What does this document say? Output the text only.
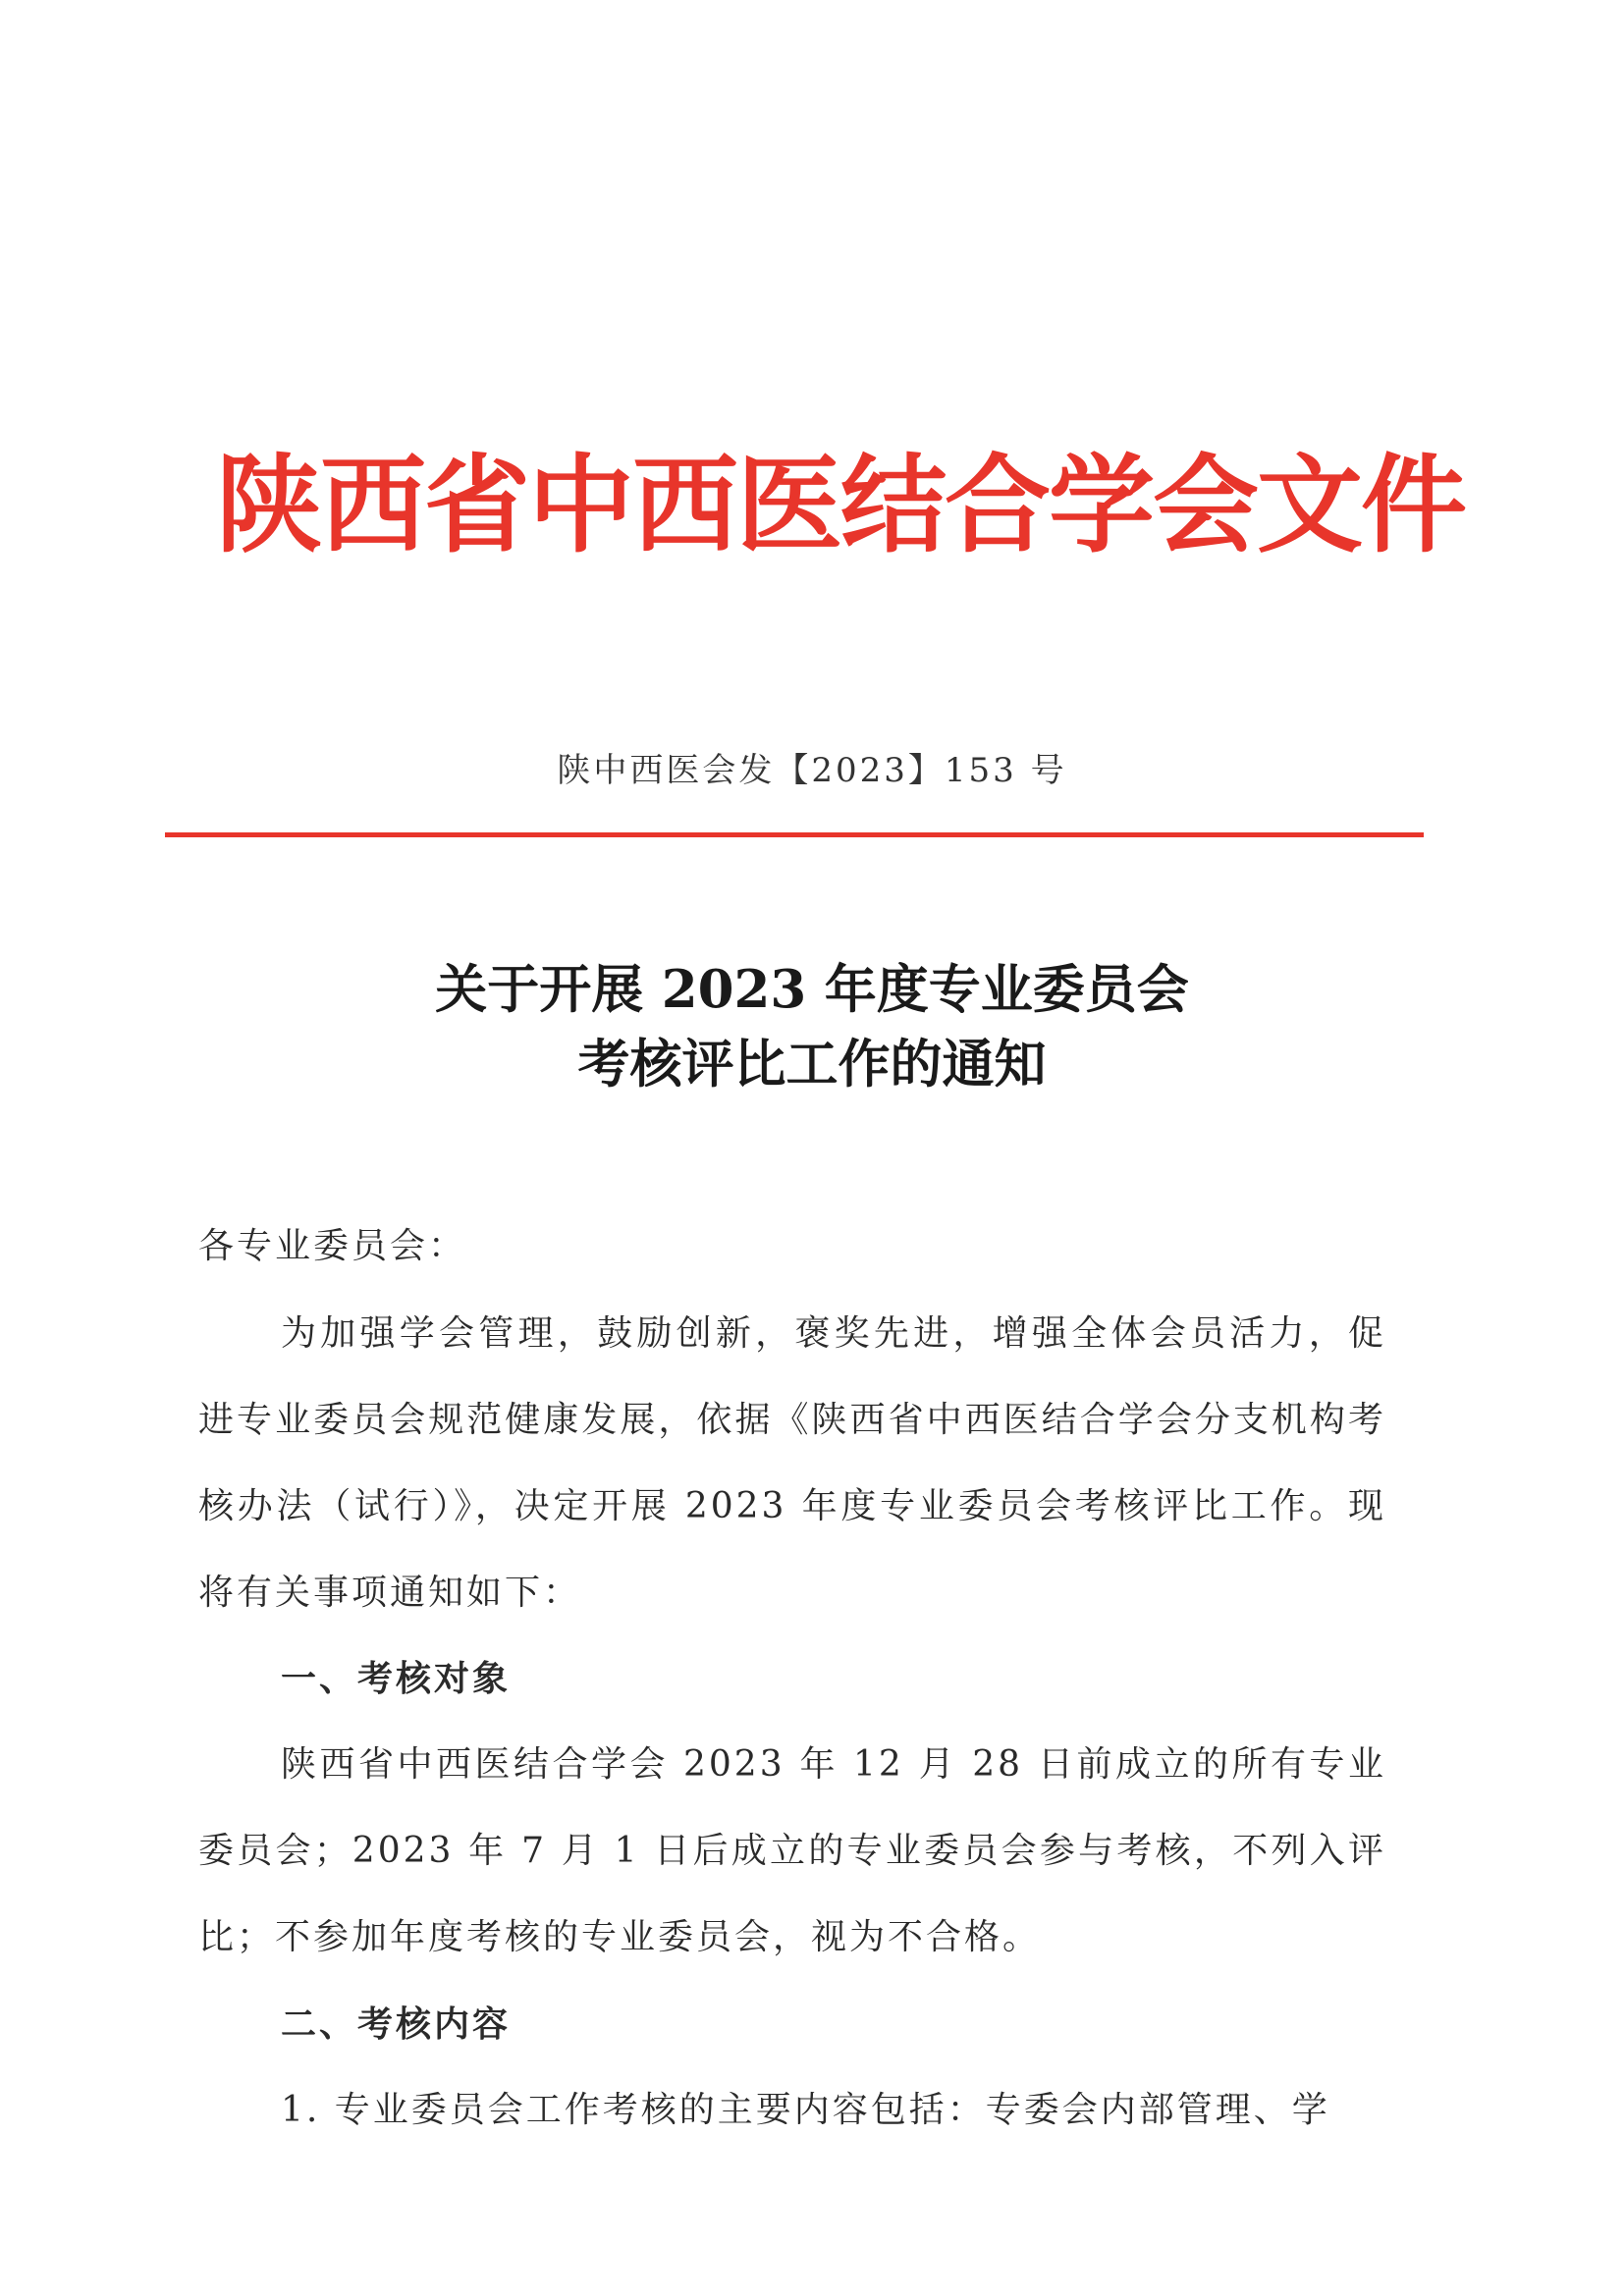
陕西省中西医结合学会文件
陕中西医会发【2023】153 号
关于开展 2023 年度专业委员会
考核评比工作的通知
各专业委员会：
为加强学会管理，鼓励创新，褒奖先进，增强全体会员活力，促进专业委员会规范健康发展，依据《陕西省中西医结合学会分支机构考核办法（试行）》，决定开展 2023 年度专业委员会考核评比工作。现将有关事项通知如下：
一、考核对象
陕西省中西医结合学会 2023 年 12 月 28 日前成立的所有专业委员会；2023 年 7 月 1 日后成立的专业委员会参与考核，不列入评比；不参加年度考核的专业委员会，视为不合格。
二、考核内容
1. 专业委员会工作考核的主要内容包括：专委会内部管理、学
